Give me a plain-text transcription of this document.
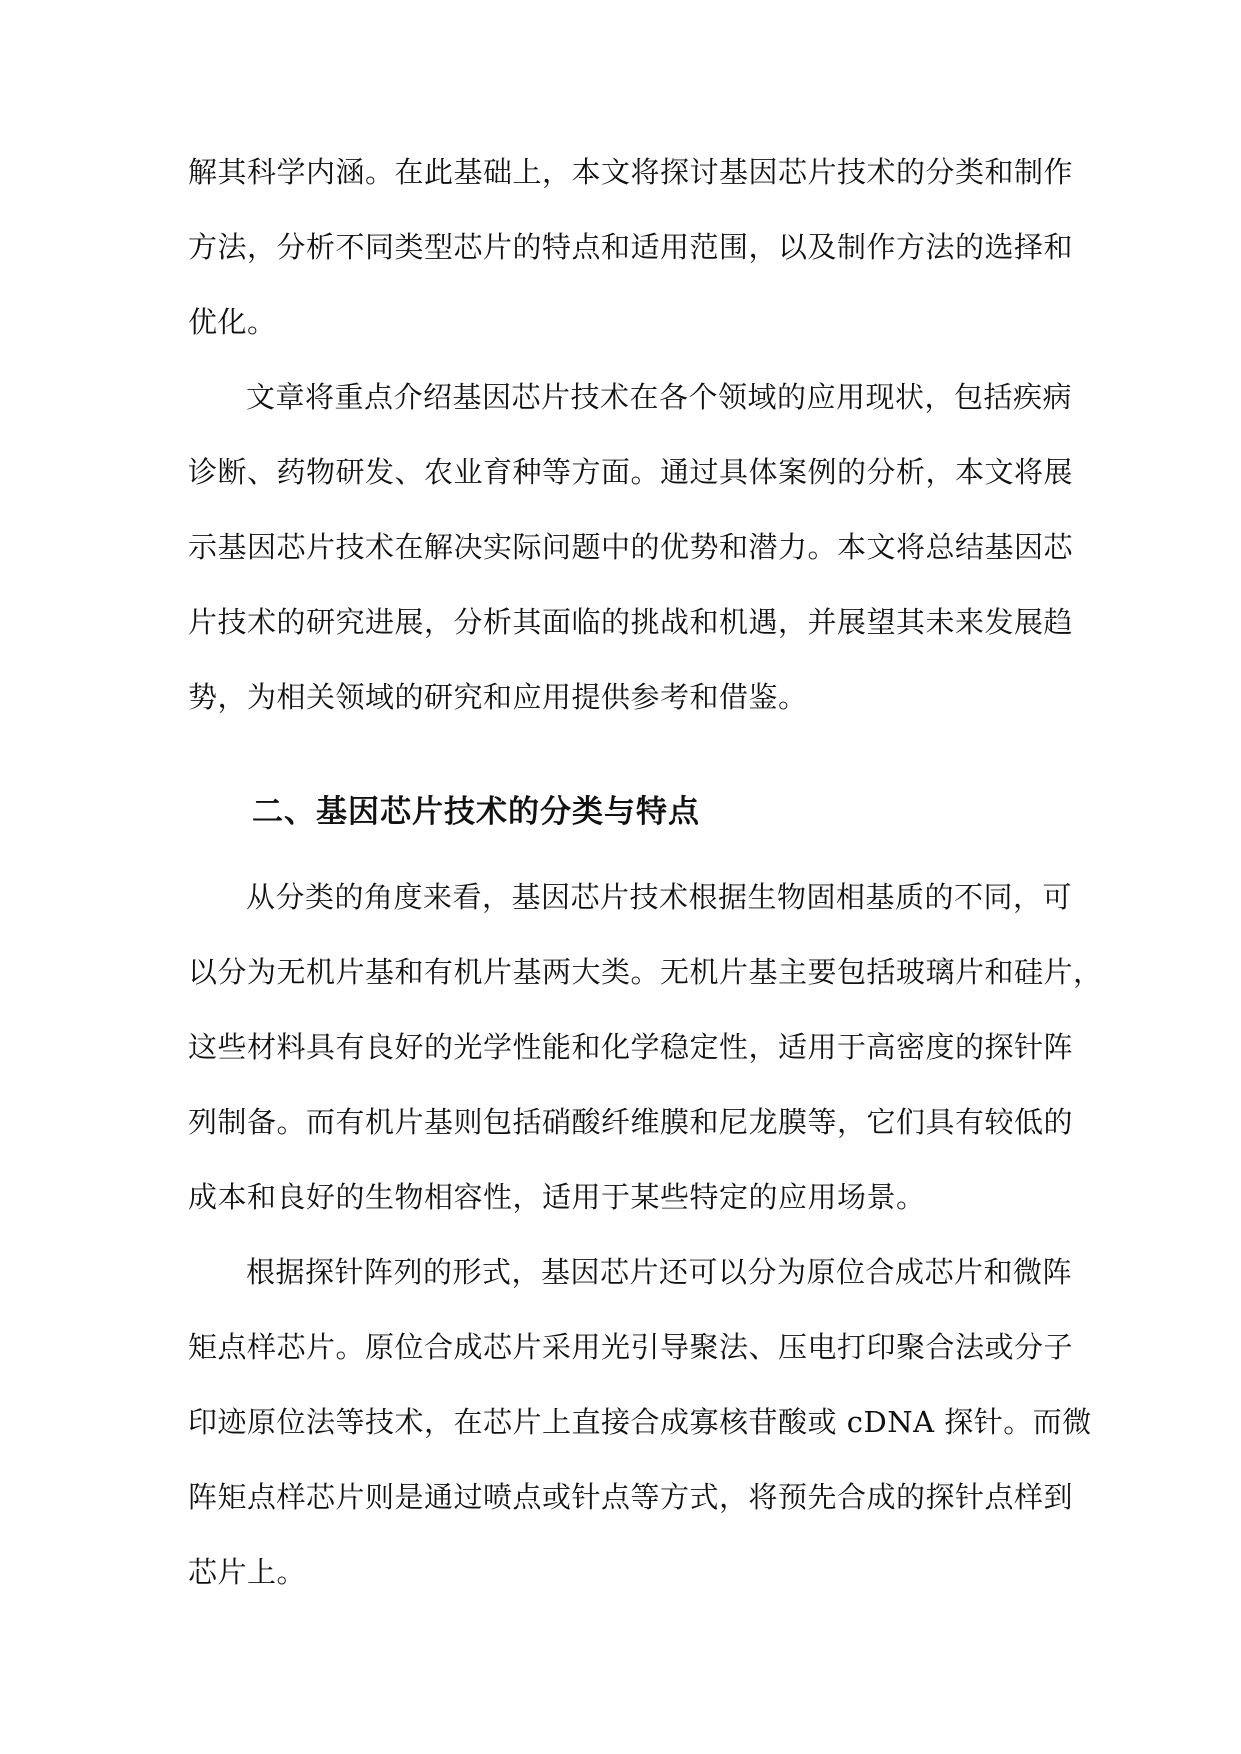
解其科学内涵。在此基础上，本文将探讨基因芯片技术的分类和制作
方法，分析不同类型芯片的特点和适用范围，以及制作方法的选择和
优化。
文章将重点介绍基因芯片技术在各个领域的应用现状，包括疾病
诊断、药物研发、农业育种等方面。通过具体案例的分析，本文将展
示基因芯片技术在解决实际问题中的优势和潜力。本文将总结基因芯
片技术的研究进展，分析其面临的挑战和机遇，并展望其未来发展趋
势，为相关领域的研究和应用提供参考和借鉴。
二、基因芯片技术的分类与特点
从分类的角度来看，基因芯片技术根据生物固相基质的不同，可
以分为无机片基和有机片基两大类。无机片基主要包括玻璃片和硅片，
这些材料具有良好的光学性能和化学稳定性，适用于高密度的探针阵
列制备。而有机片基则包括硝酸纤维膜和尼龙膜等，它们具有较低的
成本和良好的生物相容性，适用于某些特定的应用场景。
根据探针阵列的形式，基因芯片还可以分为原位合成芯片和微阵
矩点样芯片。原位合成芯片采用光引导聚法、压电打印聚合法或分子
印迹原位法等技术，在芯片上直接合成寡核苷酸或 cDNA 探针。而微
阵矩点样芯片则是通过喷点或针点等方式，将预先合成的探针点样到
芯片上。
